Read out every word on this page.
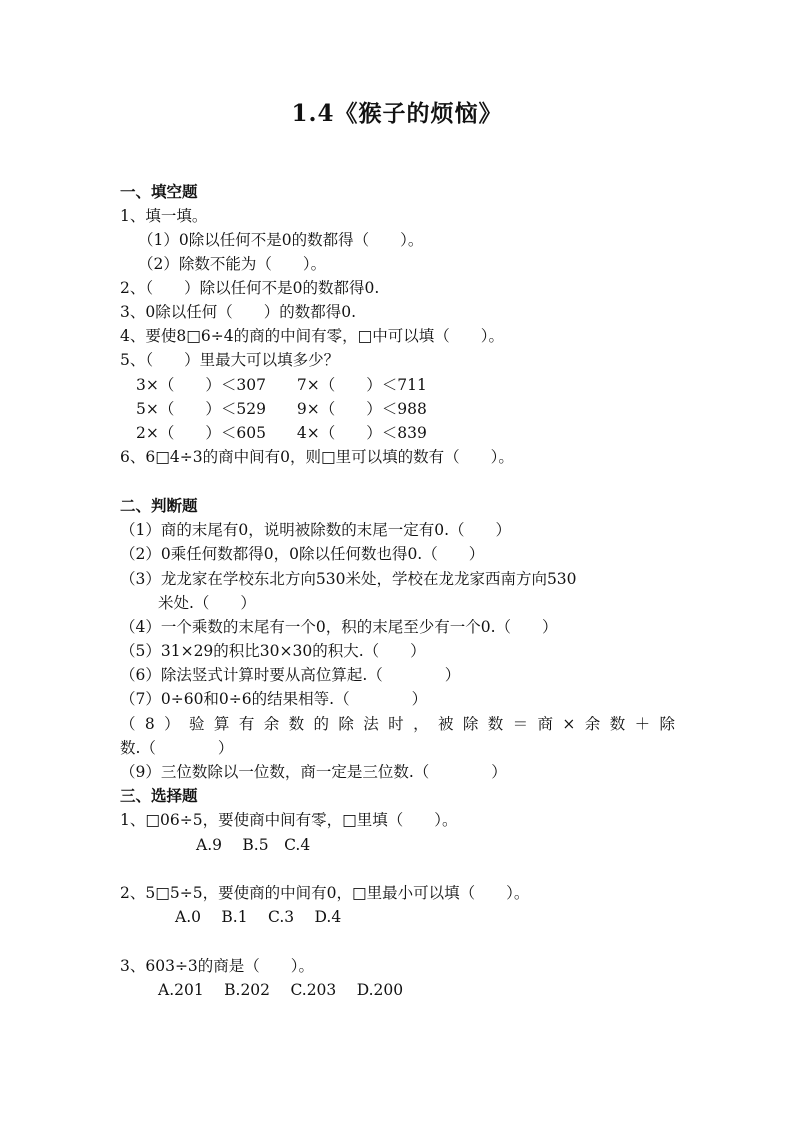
1.4《猴子的烦恼》
一、填空题
1、填一填。
（1）0除以任何不是0的数都得（　　）。
（2）除数不能为（　　）。
2、（　　）除以任何不是0的数都得0.
3、0除以任何（　　）的数都得0.
4、要使8□6÷4的商的中间有零，□中可以填（　　）。
5、（　　）里最大可以填多少？
3×（　　）＜307　　7×（　　）＜711
5×（　　）＜529　　9×（　　）＜988
2×（　　）＜605　　4×（　　）＜839
6、6□4÷3的商中间有0，则□里可以填的数有（　　）。
二、判断题
（1）商的末尾有0，说明被除数的末尾一定有0.（　　）
（2）0乘任何数都得0，0除以任何数也得0.（　　）
（3）龙龙家在学校东北方向530米处，学校在龙龙家西南方向530
米处.（　　）
（4）一个乘数的末尾有一个0，积的末尾至少有一个0.（　　）
（5）31×29的积比30×30的积大.（　　）
（6）除法竖式计算时要从高位算起.（　　　　）
（7）0÷60和0÷6的结果相等.（　　　　）
（8）验算有余数的除法时，被除数＝商×余数＋除
数.（　　　　）
（9）三位数除以一位数，商一定是三位数.（　　　　）
三、选择题
1、□06÷5，要使商中间有零，□里填（　　）。
A.9　 B.5　C.4
2、5□5÷5，要使商的中间有0，□里最小可以填（　　）。
A.0　 B.1　 C.3　 D.4
3、603÷3的商是（　　）。
A.201　 B.202　 C.203　 D.200
